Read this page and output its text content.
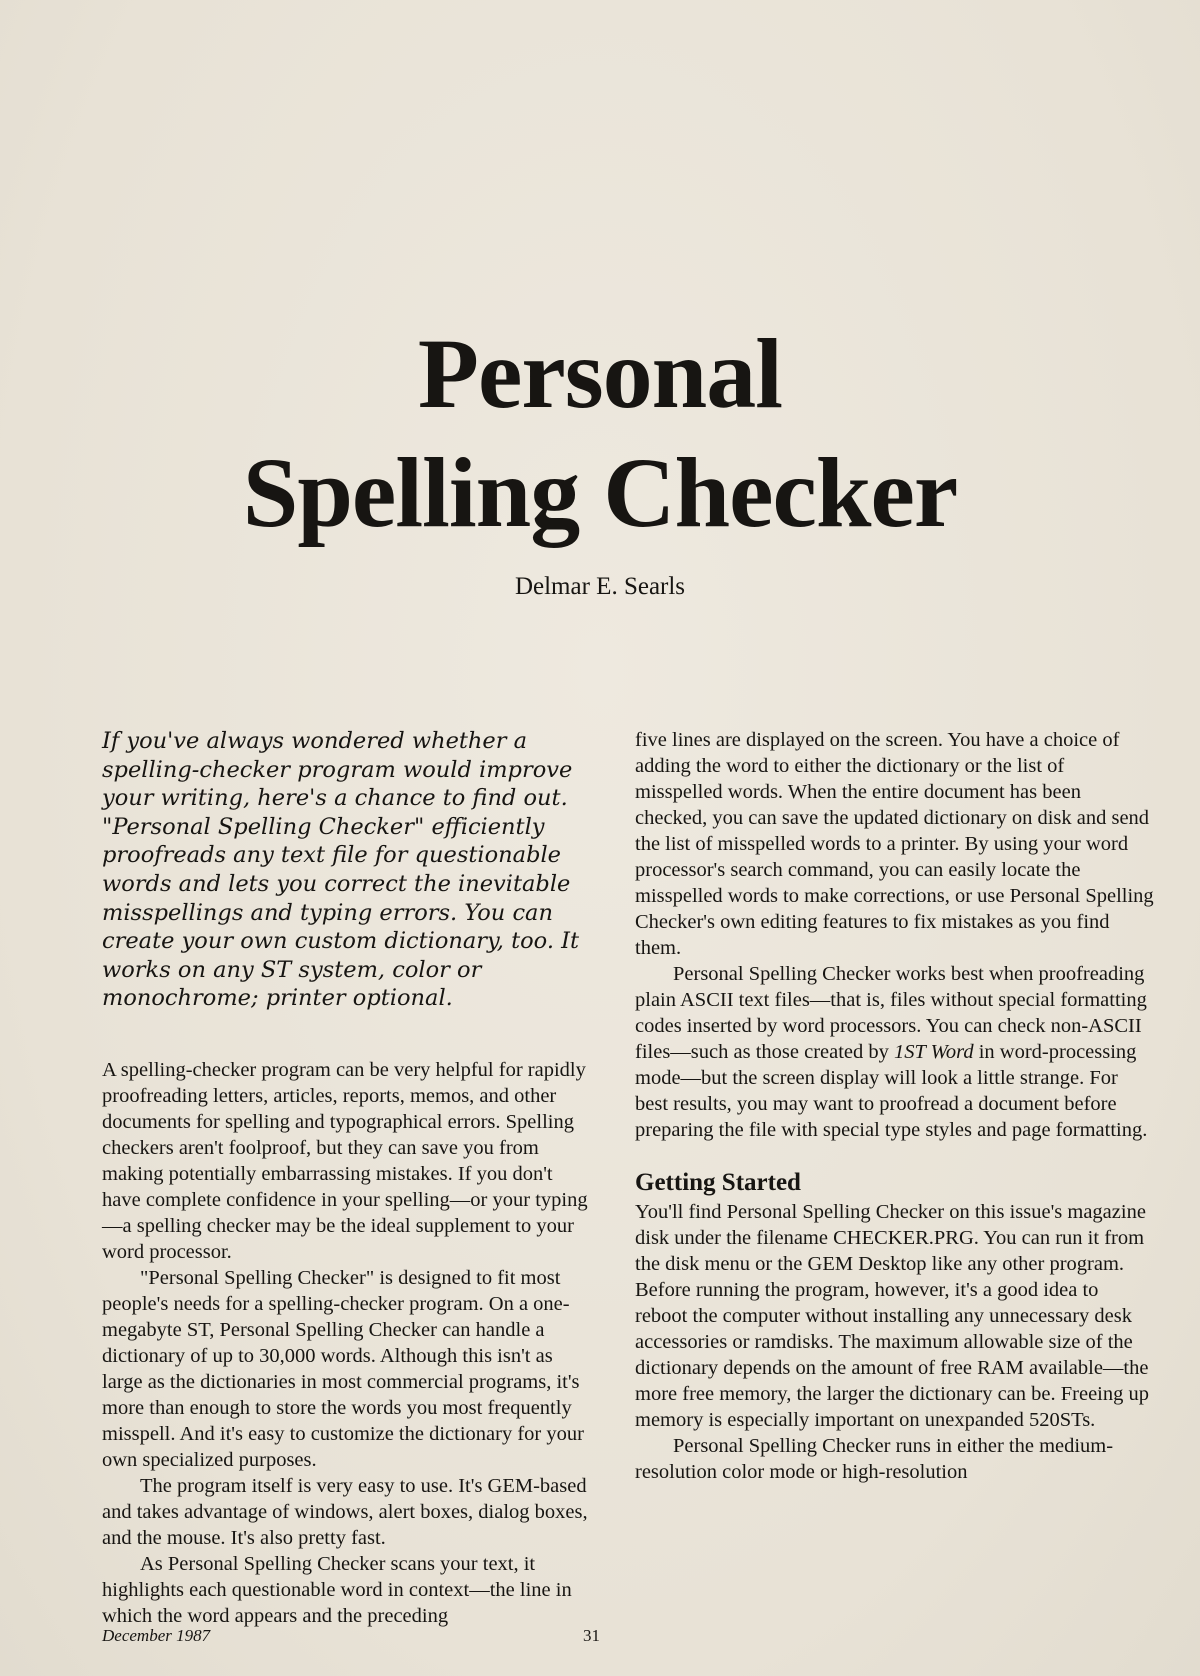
Personal
Spelling Checker
Delmar E. Searls

If you've always wondered whether a spelling-checker program would improve your writing, here's a chance to find out. "Personal Spelling Checker" efficiently proofreads any text file for questionable words and lets you correct the inevitable misspellings and typing errors. You can create your own custom dictionary, too. It works on any ST system, color or monochrome; printer optional.

A spelling-checker program can be very helpful for rapidly proofreading letters, articles, reports, memos, and other documents for spelling and typographical errors. Spelling checkers aren't foolproof, but they can save you from making potentially embarrassing mistakes. If you don't have complete confidence in your spelling—or your typing—a spelling checker may be the ideal supplement to your word processor.

"Personal Spelling Checker" is designed to fit most people's needs for a spelling-checker program. On a one-megabyte ST, Personal Spelling Checker can handle a dictionary of up to 30,000 words. Although this isn't as large as the dictionaries in most commercial programs, it's more than enough to store the words you most frequently misspell. And it's easy to customize the dictionary for your own specialized purposes.

The program itself is very easy to use. It's GEM-based and takes advantage of windows, alert boxes, dialog boxes, and the mouse. It's also pretty fast.

As Personal Spelling Checker scans your text, it highlights each questionable word in context—the line in which the word appears and the preceding

five lines are displayed on the screen. You have a choice of adding the word to either the dictionary or the list of misspelled words. When the entire document has been checked, you can save the updated dictionary on disk and send the list of misspelled words to a printer. By using your word processor's search command, you can easily locate the misspelled words to make corrections, or use Personal Spelling Checker's own editing features to fix mistakes as you find them.

Personal Spelling Checker works best when proofreading plain ASCII text files—that is, files without special formatting codes inserted by word processors. You can check non-ASCII files—such as those created by 1ST Word in word-processing mode—but the screen display will look a little strange. For best results, you may want to proofread a document before preparing the file with special type styles and page formatting.

Getting Started

You'll find Personal Spelling Checker on this issue's magazine disk under the filename CHECKER.PRG. You can run it from the disk menu or the GEM Desktop like any other program. Before running the program, however, it's a good idea to reboot the computer without installing any unnecessary desk accessories or ramdisks. The maximum allowable size of the dictionary depends on the amount of free RAM available—the more free memory, the larger the dictionary can be. Freeing up memory is especially important on unexpanded 520STs.

Personal Spelling Checker runs in either the medium-resolution color mode or high-resolution

December 1987	31
